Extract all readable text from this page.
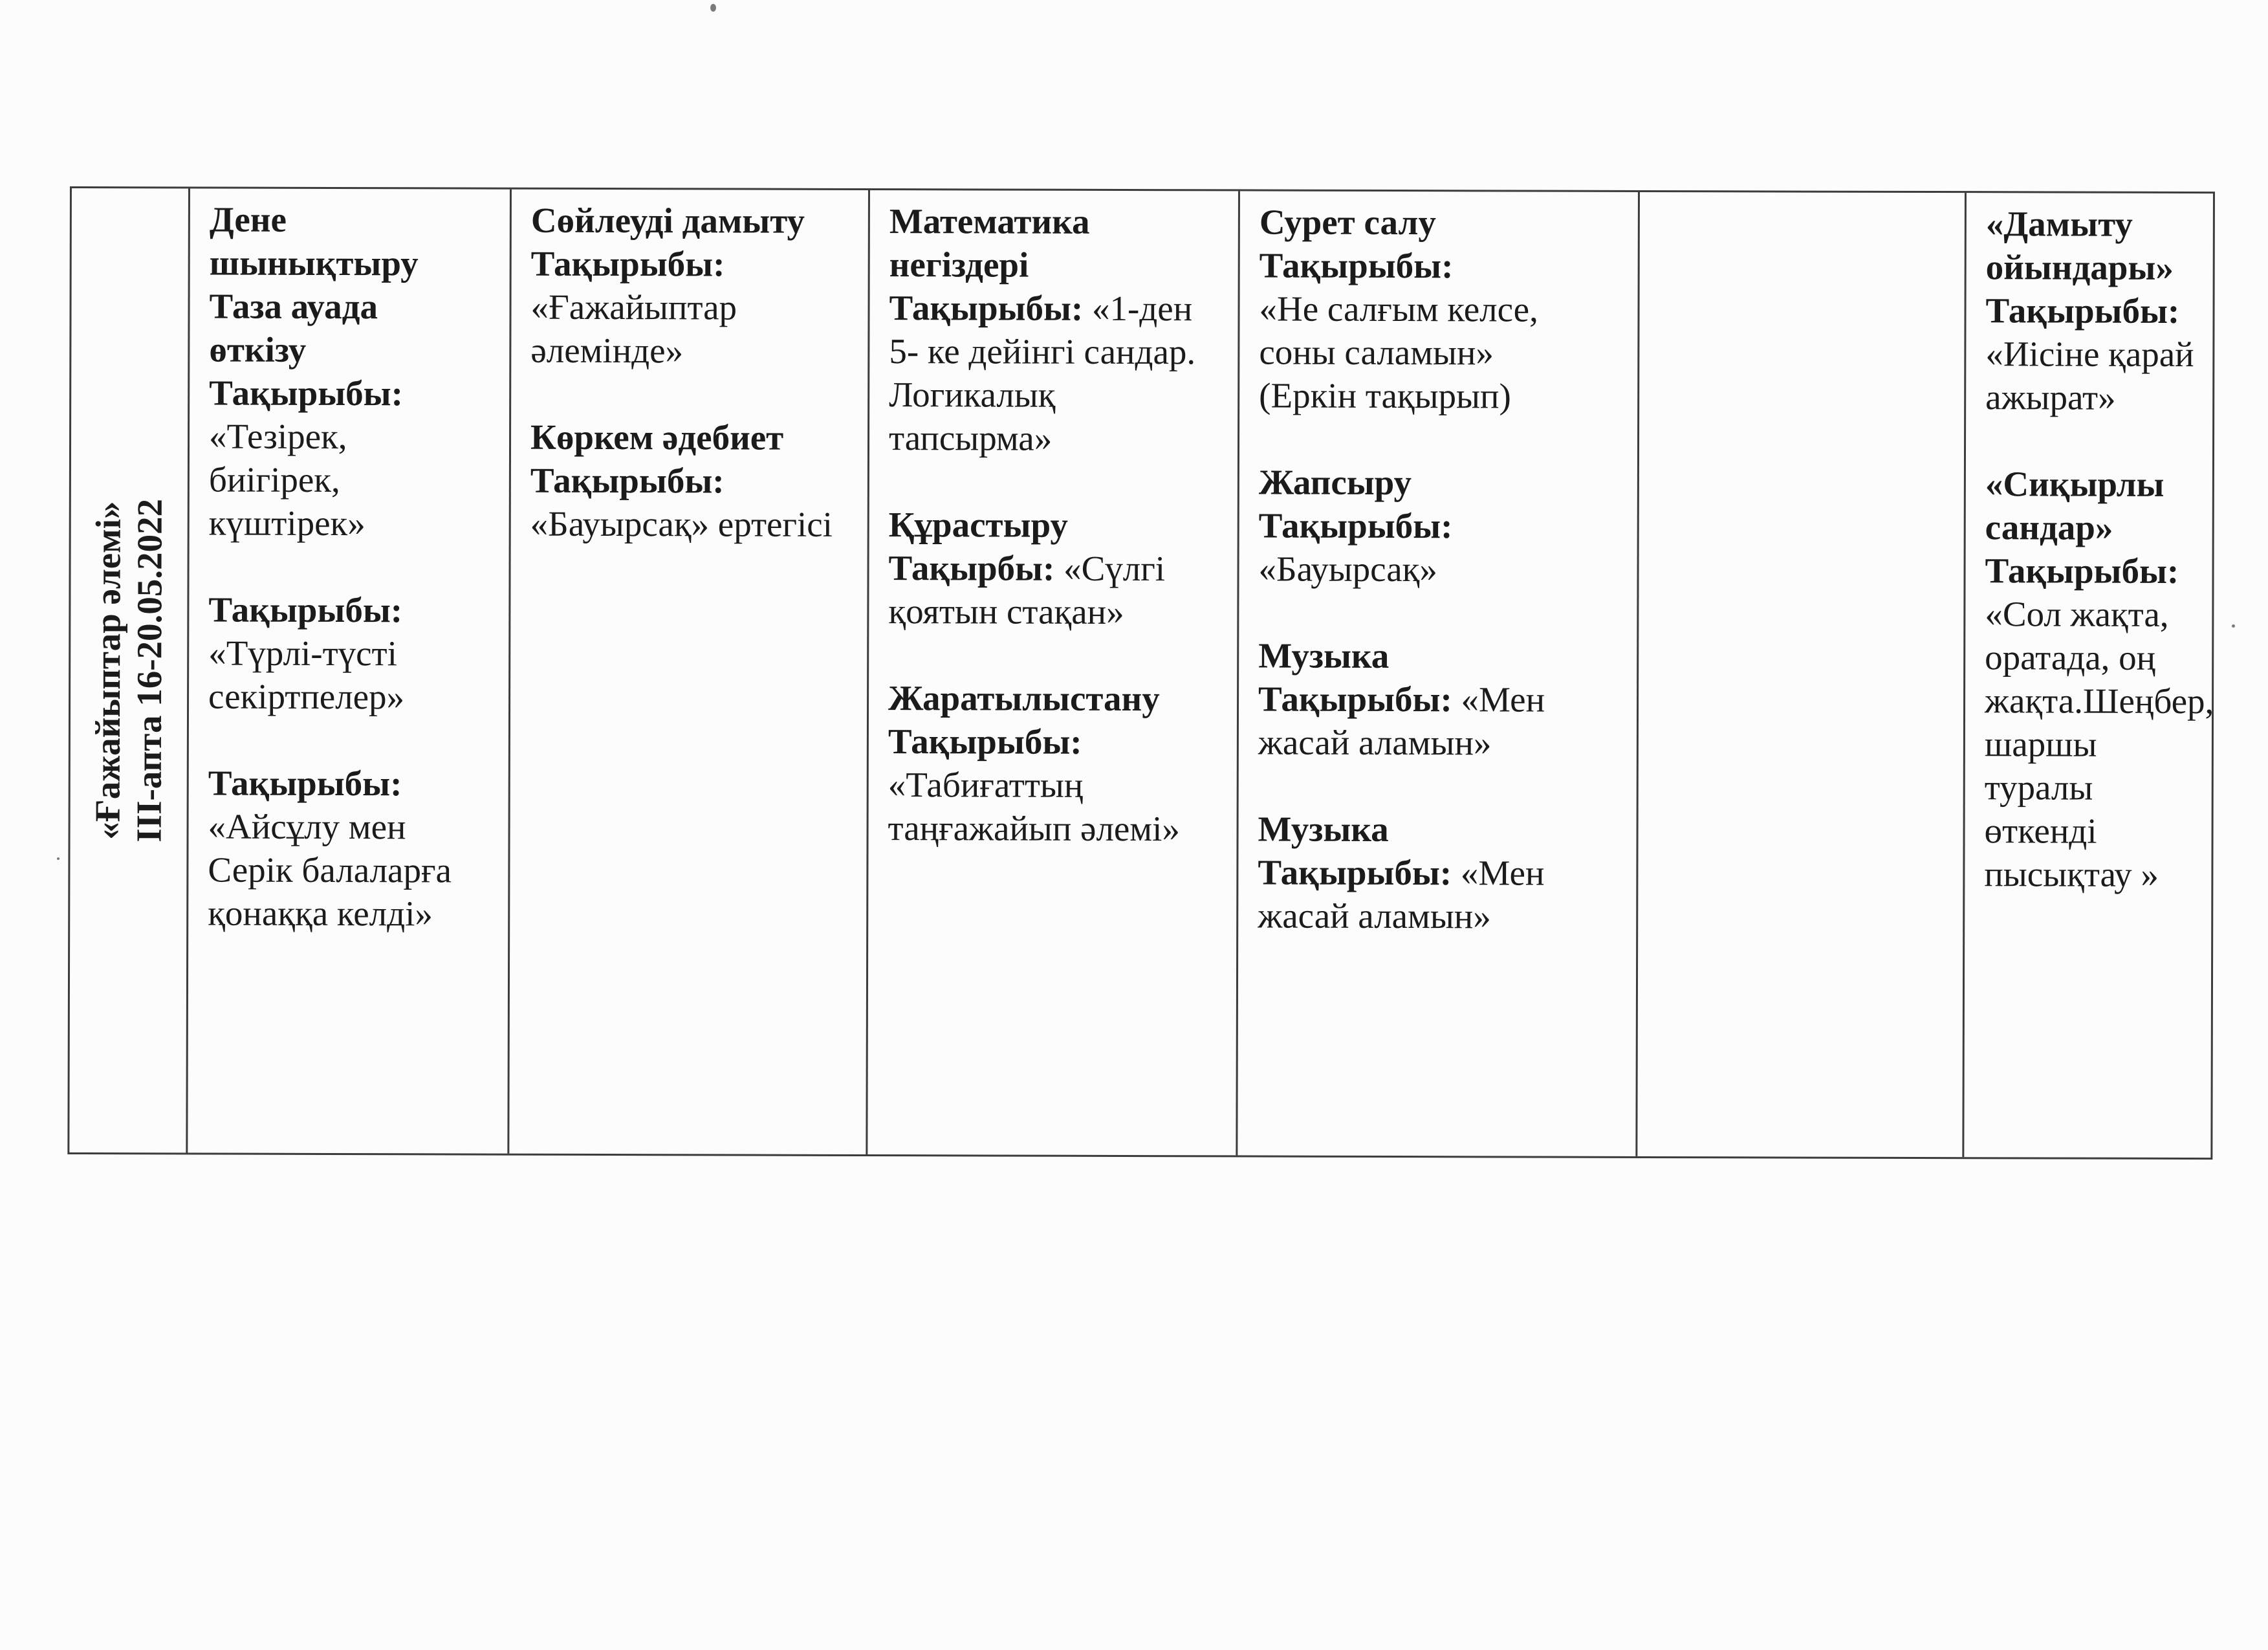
«Ғажайыптар әлемі» ІІІ-апта 16-20.05.2022
Дене
шынықтыру
Таза ауада
өткізу
Тақырыбы:
«Тезірек,
биігірек,
күштірек»
Тақырыбы:
«Түрлі-түсті
секіртпелер»
Тақырыбы:
«Айсұлу мен
Серік балаларға
қонаққа келді»
Сөйлеуді дамыту
Тақырыбы:
«Ғажайыптар
әлемінде»
Көркем әдебиет
Тақырыбы:
«Бауырсақ» ертегісі
Математика
негіздері
Тақырыбы: «1-ден
5- ке дейінгі сандар.
Логикалық
тапсырма»
Құрастыру
Тақырбы: «Сүлгі
қоятын стақан»
Жаратылыстану
Тақырыбы:
«Табиғаттың
таңғажайып әлемі»
Сурет салу
Тақырыбы:
«Не салғым келсе,
соны саламын»
(Еркін тақырып)
Жапсыру
Тақырыбы:
«Бауырсақ»
Музыка
Тақырыбы: «Мен
жасай аламын»
Музыка
Тақырыбы: «Мен
жасай аламын»
«Дамыту
ойындары»
Тақырыбы:
«Иісіне қарай
ажырат»
«Сиқырлы
сандар»
Тақырыбы:
«Сол жақта,
оратада, оң
жақта.Шеңбер,
шаршы
туралы
өткенді
пысықтау »
